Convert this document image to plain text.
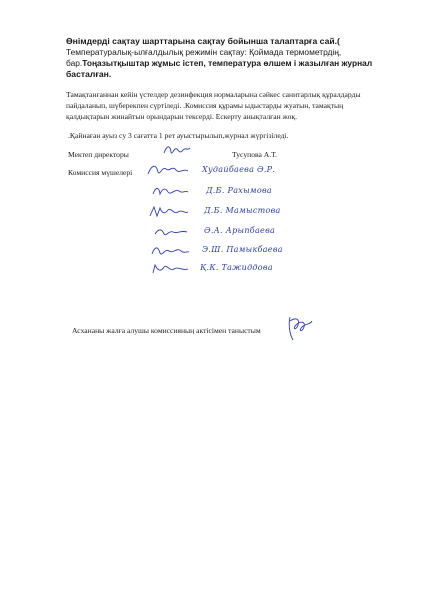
Өнімдерді сақтау шарттарына сақтау бойынша талаптарға сай.(
Температуралық-ылғалдылық режимін сақтау: Қоймада термометрдің,
бар.Тоңазытқыштар жұмыс істеп, температура өлшем і жазылған журнал
басталған.
Тамақтанғаннан кейін үстелдер дезинфекция нормаларына сәйкес санитарлық құралдарды
пайдаланып, шүберекпен сүртіледі. .Комиссия құрамы ыдыстарды жуатын, тамақтың
қалдықтарын жинайтын орындарын тексерді. Ескерту анықталған жоқ.
.Қайнаған ауыз су 3 сағатта 1 рет ауыстырылып,журнал жүргізіледі.
Мектеп директоры	Тусупова А.Т.
Комиссия мүшелері	Худайбаева Ә.Р.
Д.Б. Рахымова
Д.Б. Мамыстова
Ә.А. Арыпбаева
Э.Ш. Памыкбаева
Қ.К. Тажиддова
Асхананы жалға алушы комиссияның актісімен таныстым
